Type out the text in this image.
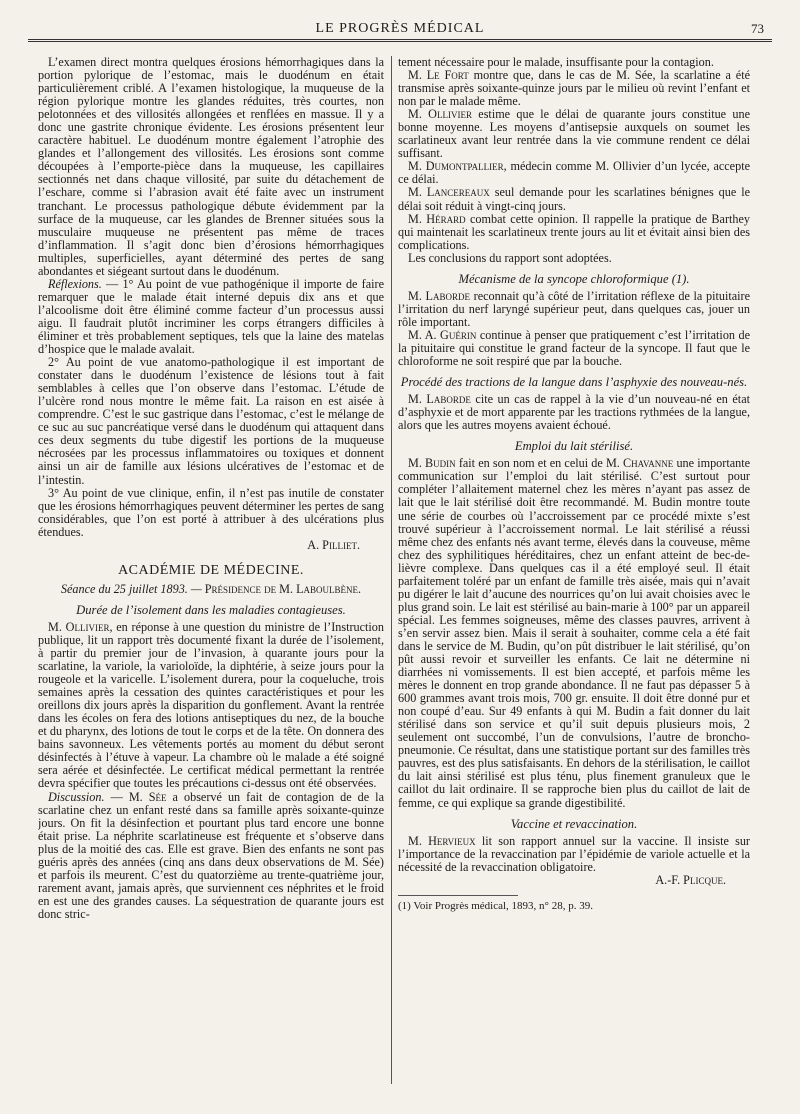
LE PROGRÈS MÉDICAL	73

L’examen direct montra quelques érosions hémorrhagiques dans la portion pylorique de l’estomac, mais le duodénum en était particulièrement criblé. A l’examen histologique, la muqueuse de la région pylorique montre les glandes réduites, très courtes, non pelotonnées et des villosités allongées et renflées en massue. Il y a donc une gastrite chronique évidente. Les érosions présentent leur caractère habituel. Le duodénum montre également l’atrophie des glandes et l’allongement des villosités. Les érosions sont comme découpées à l’emporte-pièce dans la muqueuse, les capillaires sectionnés net dans chaque villosité, par suite du détachement de l’eschare, comme si l’abrasion avait été faite avec un instrument tranchant. Le processus pathologique débute évidemment par la surface de la muqueuse, car les glandes de Brenner situées sous la musculaire muqueuse ne présentent pas même de traces d’inflammation. Il s’agit donc bien d’érosions hémorrhagiques multiples, superficielles, ayant déterminé des pertes de sang abondantes et siégeant surtout dans le duodénum.

Réflexions. — 1° Au point de vue pathogénique il importe de faire remarquer que le malade était interné depuis dix ans et que l’alcoolisme doit être éliminé comme facteur d’un processus aussi aigu. Il faudrait plutôt incriminer les corps étrangers difficiles à éliminer et très probablement septiques, tels que la laine des matelas d’hospice que le malade avalait.

2° Au point de vue anatomo-pathologique il est important de constater dans le duodénum l’existence de lésions tout à fait semblables à celles que l’on observe dans l’estomac. L’étude de l’ulcère rond nous montre le même fait. La raison en est aisée à comprendre. C’est le suc gastrique dans l’estomac, c’est le mélange de ce suc au suc pancréatique versé dans le duodénum qui attaquent dans ces deux segments du tube digestif les portions de la muqueuse nécrosées par les processus inflammatoires ou toxiques et donnent ainsi un air de famille aux lésions ulcératives de l’estomac et de l’intestin.

3° Au point de vue clinique, enfin, il n’est pas inutile de constater que les érosions hémorrhagiques peuvent déterminer les pertes de sang considérables, que l’on est porté à attribuer à des ulcérations plus étendues.

A. Pilliet.

ACADÉMIE DE MÉDECINE.
Séance du 25 juillet 1893. — Présidence de M. Laboulbène.
Durée de l’isolement dans les maladies contagieuses.

M. Ollivier, en réponse à une question du ministre de l’Instruction publique, lit un rapport très documenté fixant la durée de l’isolement, à partir du premier jour de l’invasion, à quarante jours pour la scarlatine, la variole, la varioloïde, la diphtérie, à seize jours pour la rougeole et la varicelle. L’isolement durera, pour la coqueluche, trois semaines après la cessation des quintes caractéristiques et pour les oreillons dix jours après la disparition du gonflement. Avant la rentrée dans les écoles on fera des lotions antiseptiques du nez, de la bouche et du pharynx, des lotions de tout le corps et de la tête. On donnera des bains savonneux. Les vêtements portés au moment du début seront désinfectés à l’étuve à vapeur. La chambre où le malade a été soigné sera aérée et désinfectée. Le certificat médical permettant la rentrée devra spécifier que toutes les précautions ci-dessus ont été observées.

Discussion. — M. Sée a observé un fait de contagion de de la scarlatine chez un enfant resté dans sa famille après soixante-quinze jours. On fit la désinfection et pourtant plus tard encore une bonne était prise. La néphrite scarlatineuse est fréquente et s’observe dans plus de la moitié des cas. Elle est grave. Bien des enfants ne sont pas guéris après des années (cinq ans dans deux observations de M. Sée) et parfois ils meurent. C’est du quatorzième au trente-quatrième jour, rarement avant, jamais après, que surviennent ces néphrites et le froid en est une des grandes causes. La séquestration de quarante jours est donc stric-

tement nécessaire pour le malade, insuffisante pour la contagion.

M. Le Fort montre que, dans le cas de M. Sée, la scarlatine a été transmise après soixante-quinze jours par le milieu où revint l’enfant et non par le malade même.

M. Ollivier estime que le délai de quarante jours constitue une bonne moyenne. Les moyens d’antisepsie auxquels on soumet les scarlatineux avant leur rentrée dans la vie commune rendent ce délai suffisant.

M. Dumontpallier, médecin comme M. Ollivier d’un lycée, accepte ce délai.

M. Lancereaux seul demande pour les scarlatines bénignes que le délai soit réduit à vingt-cinq jours.

M. Hérard combat cette opinion. Il rappelle la pratique de Barthey qui maintenait les scarlatineux trente jours au lit et évitait ainsi bien des complications.

Les conclusions du rapport sont adoptées.

Mécanisme de la syncope chloroformique (1).

M. Laborde reconnait qu’à côté de l’irritation réflexe de la pituitaire l’irritation du nerf laryngé supérieur peut, dans quelques cas, jouer un rôle important.

M. A. Guérin continue à penser que pratiquement c’est l’irritation de la pituitaire qui constitue le grand facteur de la syncope. Il faut que le chloroforme ne soit respiré que par la bouche.

Procédé des tractions de la langue dans l’asphyxie des nouveau-nés.

M. Laborde cite un cas de rappel à la vie d’un nouveau-né en état d’asphyxie et de mort apparente par les tractions rythmées de la langue, alors que les autres moyens avaient échoué.

Emploi du lait stérilisé.

M. Budin fait en son nom et en celui de M. Chavanne une importante communication sur l’emploi du lait stérilisé. C’est surtout pour compléter l’allaitement maternel chez les mères n’ayant pas assez de lait que le lait stérilisé doit être recommandé. M. Budin montre toute une série de courbes où l’accroissement par ce procédé mixte s’est trouvé supérieur à l’accroissement normal. Le lait stérilisé a réussi même chez des enfants nés avant terme, élevés dans la couveuse, même chez des syphilitiques héréditaires, chez un enfant atteint de bec-de-lièvre complexe. Dans quelques cas il a été employé seul. Il était parfaitement toléré par un enfant de famille très aisée, mais qui n’avait pu digérer le lait d’aucune des nourrices qu’on lui avait choisies avec le plus grand soin. Le lait est stérilisé au bain-marie à 100° par un appareil spécial. Les femmes soigneuses, même des classes pauvres, arrivent à s’en servir assez bien. Mais il serait à souhaiter, comme cela a été fait dans le service de M. Budin, qu’on pût distribuer le lait stérilisé, qu’on pût aussi revoir et surveiller les enfants. Ce lait ne détermine ni diarrhées ni vomissements. Il est bien accepté, et parfois même les mères le donnent en trop grande abondance. Il ne faut pas dépasser 5 à 600 grammes avant trois mois, 700 gr. ensuite. Il doit être donné pur et non coupé d’eau. Sur 49 enfants à qui M. Budin a fait donner du lait stérilisé dans son service et qu’il suit depuis plusieurs mois, 2 seulement ont succombé, l’un de convulsions, l’autre de broncho-pneumonie. Ce résultat, dans une statistique portant sur des familles très pauvres, est des plus satisfaisants. En dehors de la stérilisation, le caillot du lait ainsi stérilisé est plus ténu, plus finement granuleux que le caillot du lait ordinaire. Il se rapproche bien plus du caillot de lait de femme, ce qui explique sa grande digestibilité.

Vaccine et revaccination.

M. Hervieux lit son rapport annuel sur la vaccine. Il insiste sur l’importance de la revaccination par l’épidémie de variole actuelle et la nécessité de la revaccination obligatoire.

A.-F. Plicque.

(1) Voir Progrès médical, 1893, n° 28, p. 39.
